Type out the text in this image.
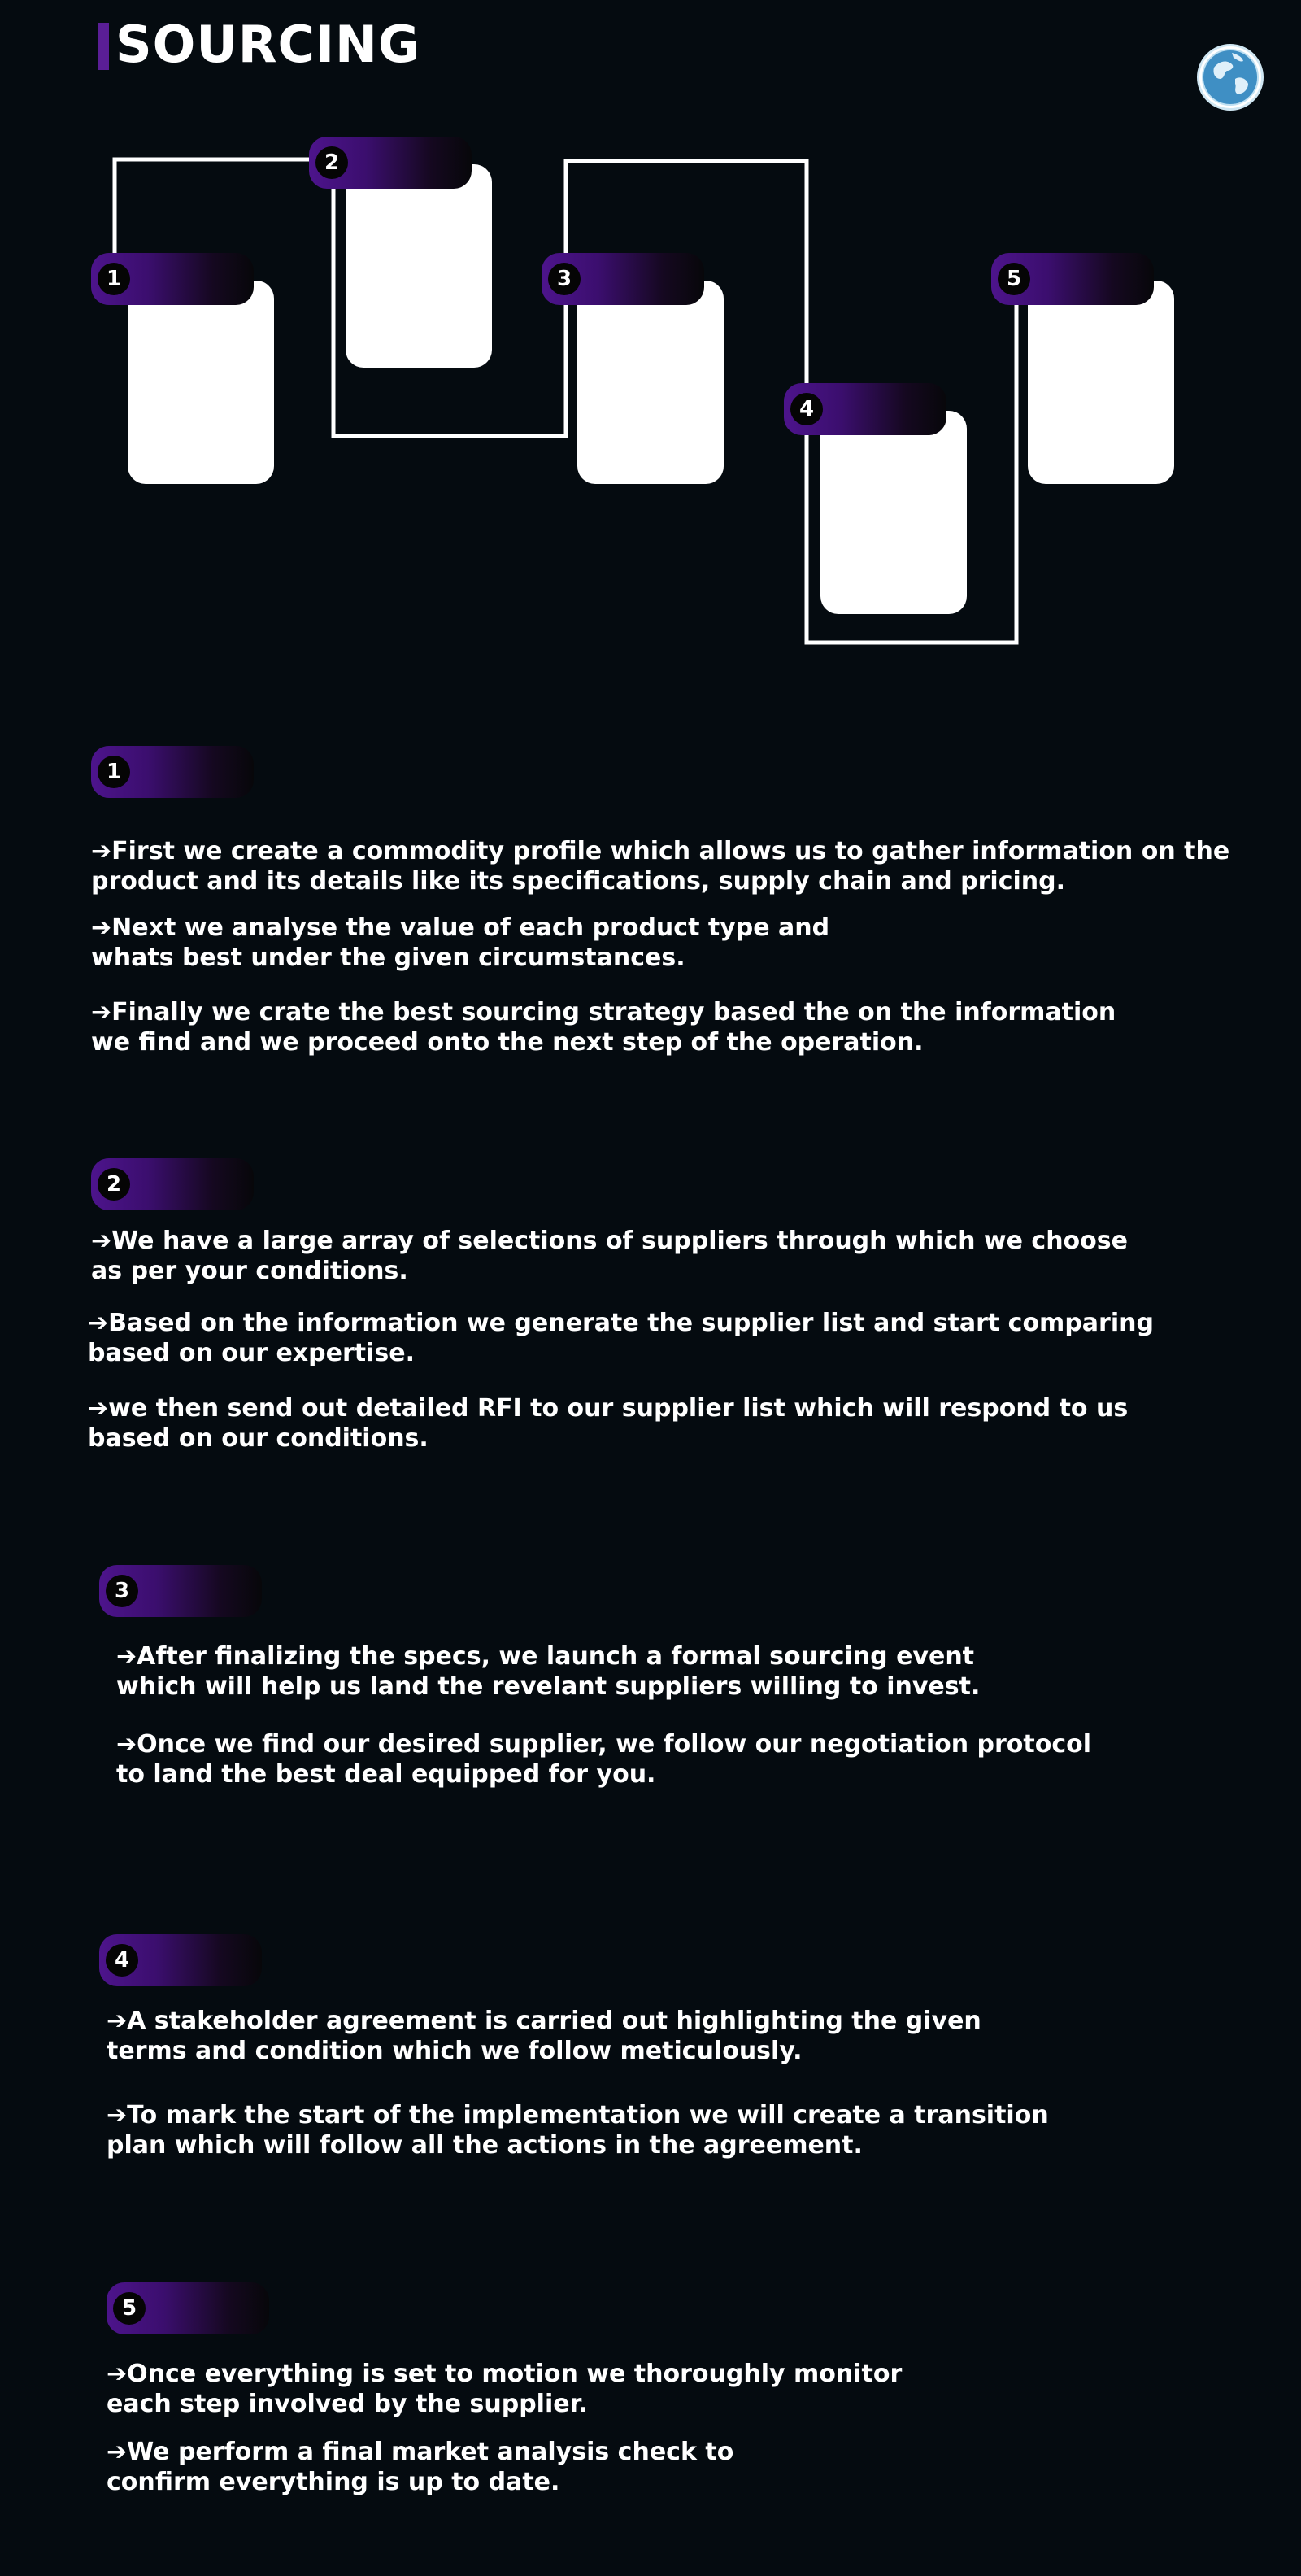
SOURCING
1
2
3
4
5
1

➔First we create a commodity profile which allows us to gather information on the
product and its details like its specifications, supply chain and pricing.

➔Next we analyse the value of each product type and
whats best under the given circumstances.

➔Finally we crate the best sourcing strategy based the on the information
we find and we proceed onto the next step of the operation.

2

➔We have a large array of selections of suppliers through which we choose
as per your conditions.

➔Based on the information we generate the supplier list and start comparing
based on our expertise.

➔we then send out detailed RFI to our supplier list which will respond to us
based on our conditions.

3

➔After finalizing the specs, we launch a formal sourcing event
which will help us land the revelant suppliers willing to invest.

➔Once we find our desired supplier, we follow our negotiation protocol
to land the best deal equipped for you.

4

➔A stakeholder agreement is carried out highlighting the given
terms and condition which we follow meticulously.

➔To mark the start of the implementation we will create a transition
plan which will follow all the actions in the agreement.

5

➔Once everything is set to motion we thoroughly monitor
each step involved by the supplier.

➔We perform a final market analysis check to
confirm everything is up to date.
